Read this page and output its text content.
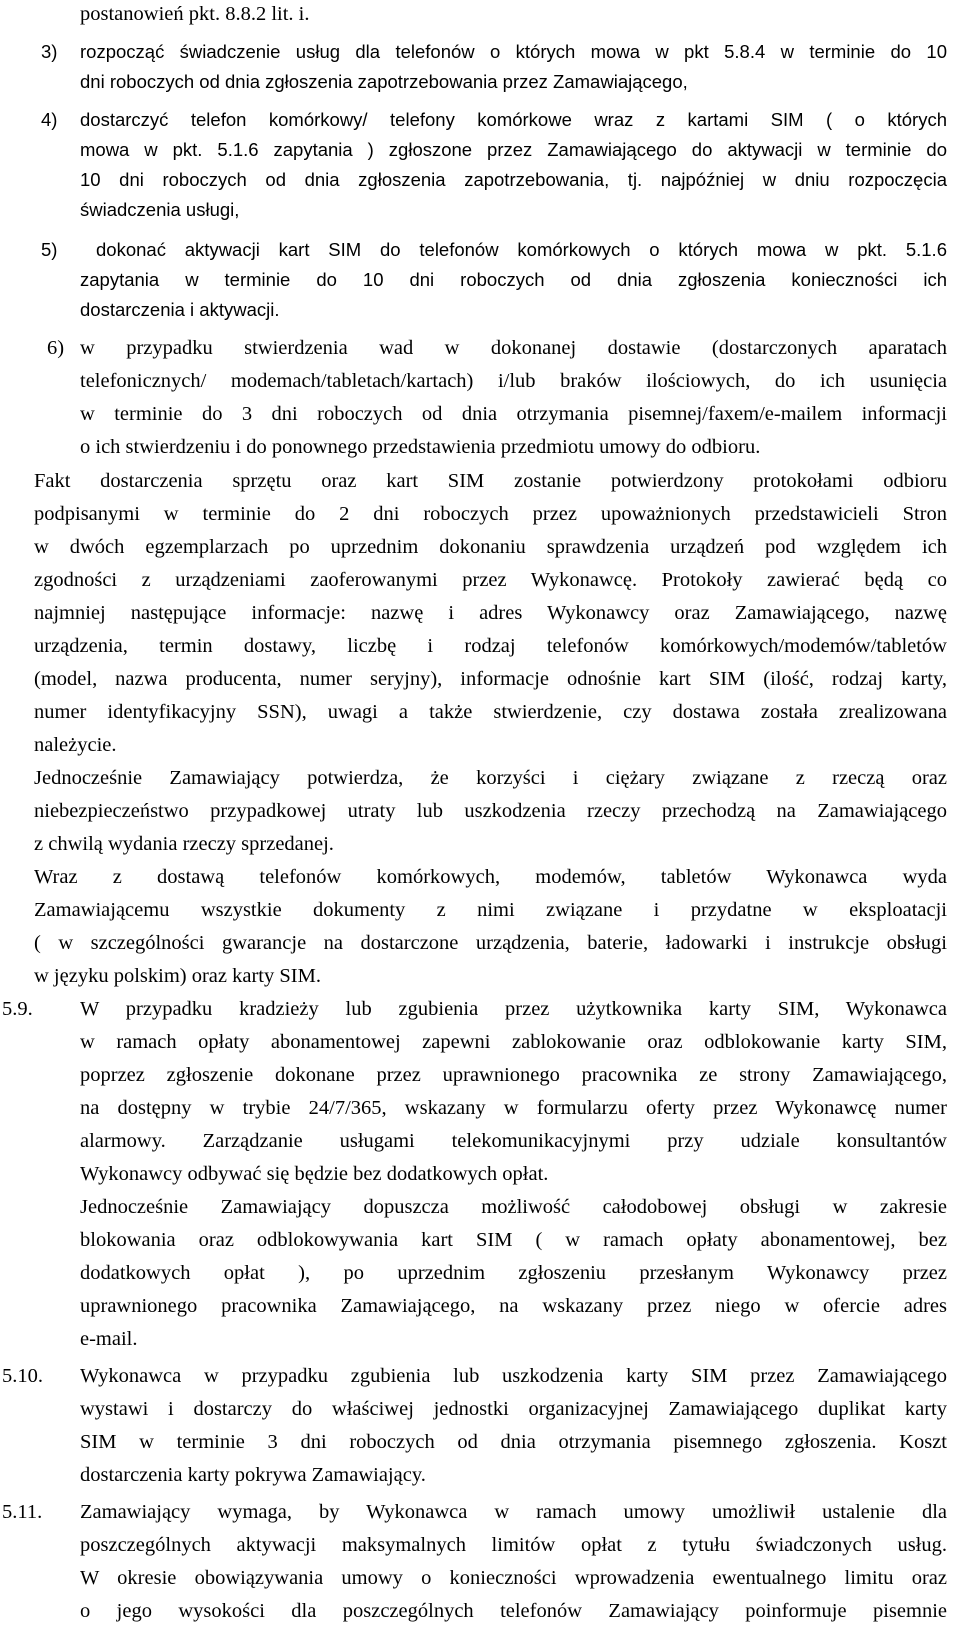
postanowień pkt. 8.8.2 lit. i.

3) rozpocząć świadczenie usług dla telefonów o których mowa w pkt 5.8.4 w terminie do 10

dni roboczych od dnia zgłoszenia zapotrzebowania przez Zamawiającego,

4) dostarczyć telefon komórkowy/ telefony komórkowe wraz z kartami SIM ( o których

mowa w pkt. 5.1.6 zapytania ) zgłoszone przez Zamawiającego do aktywacji w terminie do

10 dni roboczych od dnia zgłoszenia zapotrzebowania, tj. najpóźniej w dniu rozpoczęcia

świadczenia usługi,

5) dokonać aktywacji kart SIM do telefonów komórkowych o których mowa w pkt. 5.1.6

zapytania w terminie do 10 dni roboczych od dnia zgłoszenia konieczności ich

dostarczenia i aktywacji.

6) w przypadku stwierdzenia wad w dokonanej dostawie (dostarczonych aparatach

telefonicznych/ modemach/tabletach/kartach) i/lub braków ilościowych, do ich usunięcia

w terminie do 3 dni roboczych od dnia otrzymania pisemnej/faxem/e-mailem informacji

o ich stwierdzeniu i do ponownego przedstawienia przedmiotu umowy do odbioru.

Fakt dostarczenia sprzętu oraz kart SIM zostanie potwierdzony protokołami odbioru

podpisanymi w terminie do 2 dni roboczych przez upoważnionych przedstawicieli Stron

w dwóch egzemplarzach po uprzednim dokonaniu sprawdzenia urządzeń pod względem ich

zgodności z urządzeniami zaoferowanymi przez Wykonawcę. Protokoły zawierać będą co

najmniej następujące informacje: nazwę i adres Wykonawcy oraz Zamawiającego, nazwę

urządzenia, termin dostawy, liczbę i rodzaj telefonów komórkowych/modemów/tabletów

(model, nazwa producenta, numer seryjny), informacje odnośnie kart SIM (ilość, rodzaj karty,

numer identyfikacyjny SSN), uwagi a także stwierdzenie, czy dostawa została zrealizowana

należycie.

Jednocześnie Zamawiający potwierdza, że korzyści i ciężary związane z rzeczą oraz

niebezpieczeństwo przypadkowej utraty lub uszkodzenia rzeczy przechodzą na Zamawiającego

z chwilą wydania rzeczy sprzedanej.

Wraz z dostawą telefonów komórkowych, modemów, tabletów Wykonawca wyda

Zamawiającemu wszystkie dokumenty z nimi związane i przydatne w eksploatacji

( w szczególności gwarancje na dostarczone urządzenia, baterie, ładowarki i instrukcje obsługi

w języku polskim) oraz karty SIM.

5.9. W przypadku kradzieży lub zgubienia przez użytkownika karty SIM, Wykonawca

w ramach opłaty abonamentowej zapewni zablokowanie oraz odblokowanie karty SIM,

poprzez zgłoszenie dokonane przez uprawnionego pracownika ze strony Zamawiającego,

na dostępny w trybie 24/7/365, wskazany w formularzu oferty przez Wykonawcę numer

alarmowy. Zarządzanie usługami telekomunikacyjnymi przy udziale konsultantów

Wykonawcy odbywać się będzie bez dodatkowych opłat.

Jednocześnie Zamawiający dopuszcza możliwość całodobowej obsługi w zakresie

blokowania oraz odblokowywania kart SIM ( w ramach opłaty abonamentowej, bez

dodatkowych opłat ), po uprzednim zgłoszeniu przesłanym Wykonawcy przez

uprawnionego pracownika Zamawiającego, na wskazany przez niego w ofercie adres

e-mail.

5.10. Wykonawca w przypadku zgubienia lub uszkodzenia karty SIM przez Zamawiającego

wystawi i dostarczy do właściwej jednostki organizacyjnej Zamawiającego duplikat karty

SIM w terminie 3 dni roboczych od dnia otrzymania pisemnego zgłoszenia. Koszt

dostarczenia karty pokrywa Zamawiający.

5.11. Zamawiający wymaga, by Wykonawca w ramach umowy umożliwił ustalenie dla

poszczególnych aktywacji maksymalnych limitów opłat z tytułu świadczonych usług.

W okresie obowiązywania umowy o konieczności wprowadzenia ewentualnego limitu oraz

o jego wysokości dla poszczególnych telefonów Zamawiający poinformuje pisemnie
